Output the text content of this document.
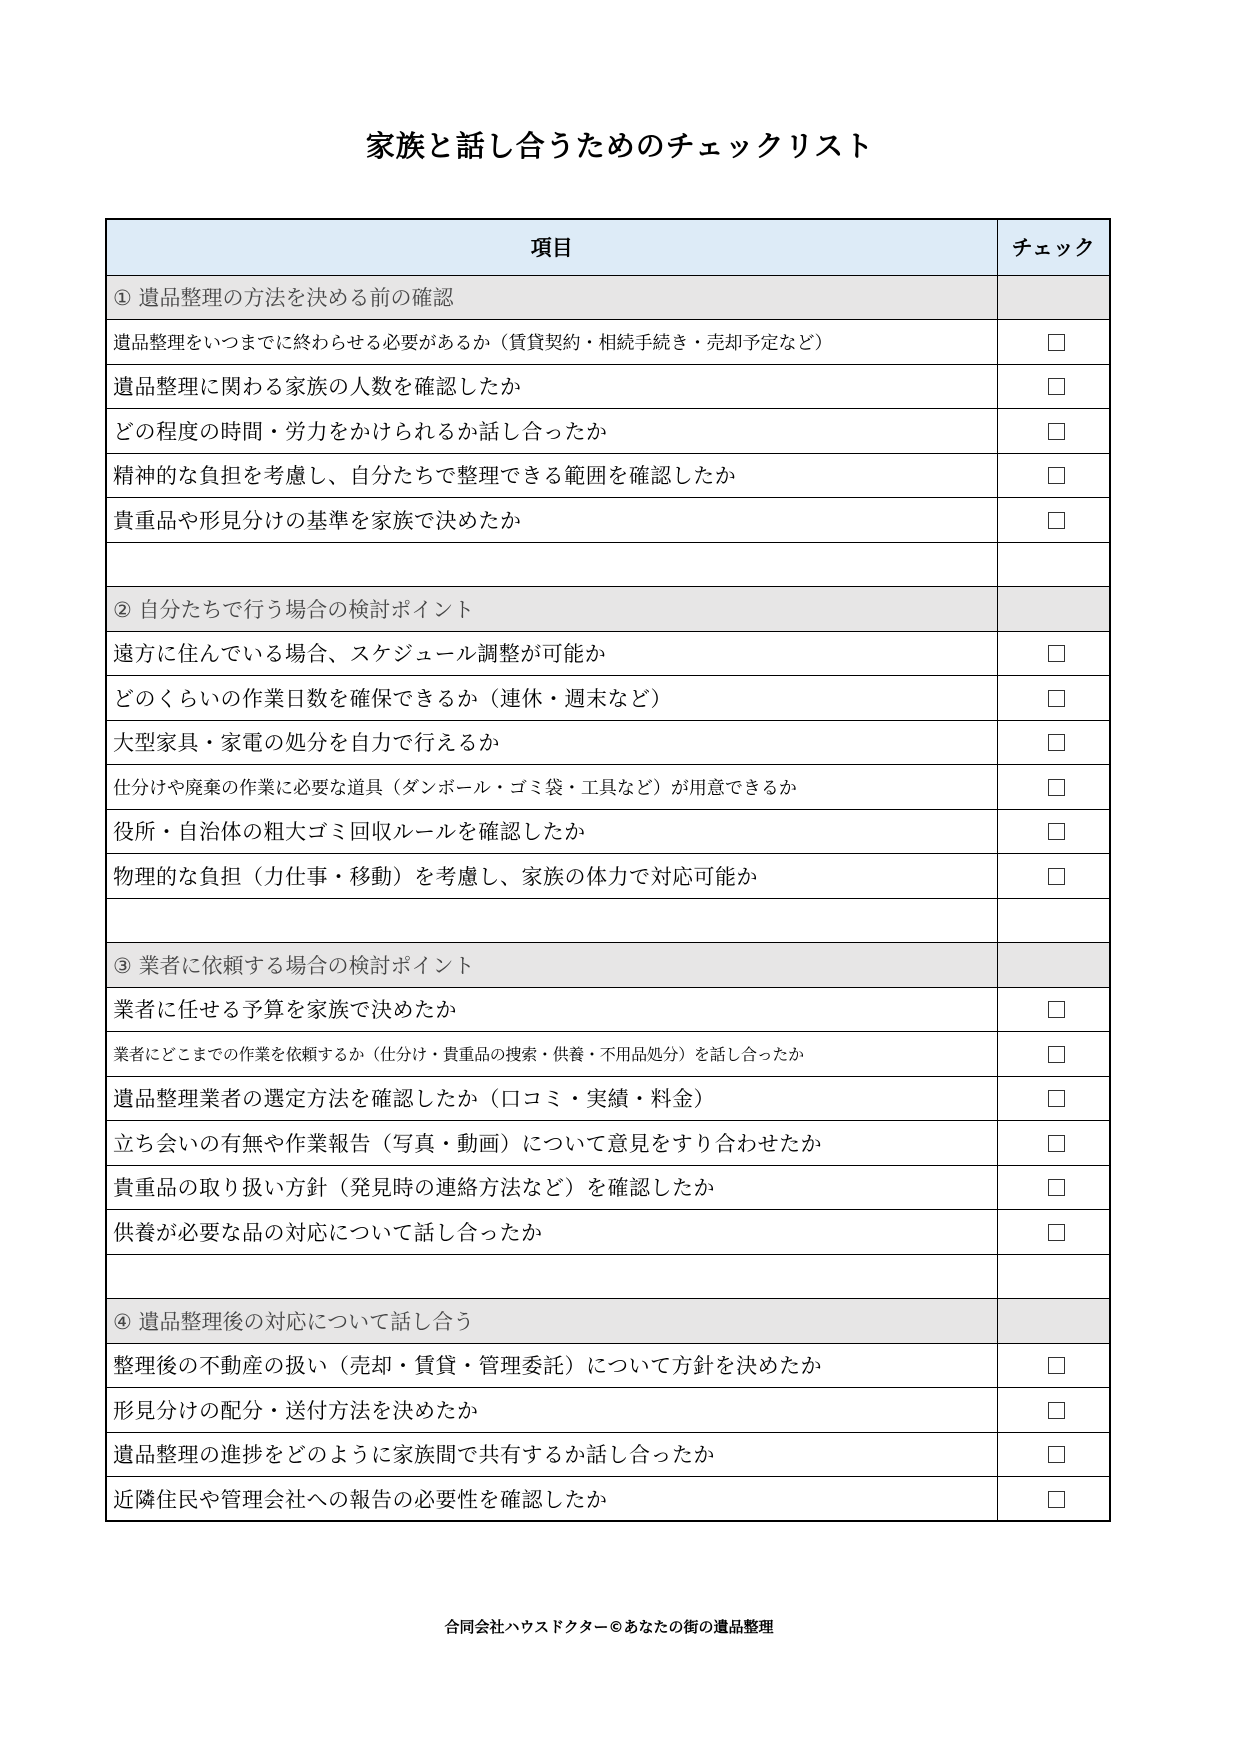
家族と話し合うためのチェックリスト
項目	チェック
① 遺品整理の方法を決める前の確認	
遺品整理をいつまでに終わらせる必要があるか（賃貸契約・相続手続き・売却予定など）	
遺品整理に関わる家族の人数を確認したか	
どの程度の時間・労力をかけられるか話し合ったか	
精神的な負担を考慮し、自分たちで整理できる範囲を確認したか	
貴重品や形見分けの基準を家族で決めたか	

② 自分たちで行う場合の検討ポイント	
遠方に住んでいる場合、スケジュール調整が可能か	
どのくらいの作業日数を確保できるか（連休・週末など）	
大型家具・家電の処分を自力で行えるか	
仕分けや廃棄の作業に必要な道具（ダンボール・ゴミ袋・工具など）が用意できるか	
役所・自治体の粗大ゴミ回収ルールを確認したか	
物理的な負担（力仕事・移動）を考慮し、家族の体力で対応可能か	

③ 業者に依頼する場合の検討ポイント	
業者に任せる予算を家族で決めたか	
業者にどこまでの作業を依頼するか（仕分け・貴重品の捜索・供養・不用品処分）を話し合ったか	
遺品整理業者の選定方法を確認したか（口コミ・実績・料金）	
立ち会いの有無や作業報告（写真・動画）について意見をすり合わせたか	
貴重品の取り扱い方針（発見時の連絡方法など）を確認したか	
供養が必要な品の対応について話し合ったか	

④ 遺品整理後の対応について話し合う	
整理後の不動産の扱い（売却・賃貸・管理委託）について方針を決めたか	
形見分けの配分・送付方法を決めたか	
遺品整理の進捗をどのように家族間で共有するか話し合ったか	
近隣住民や管理会社への報告の必要性を確認したか	
合同会社ハウスドクター©あなたの街の遺品整理
